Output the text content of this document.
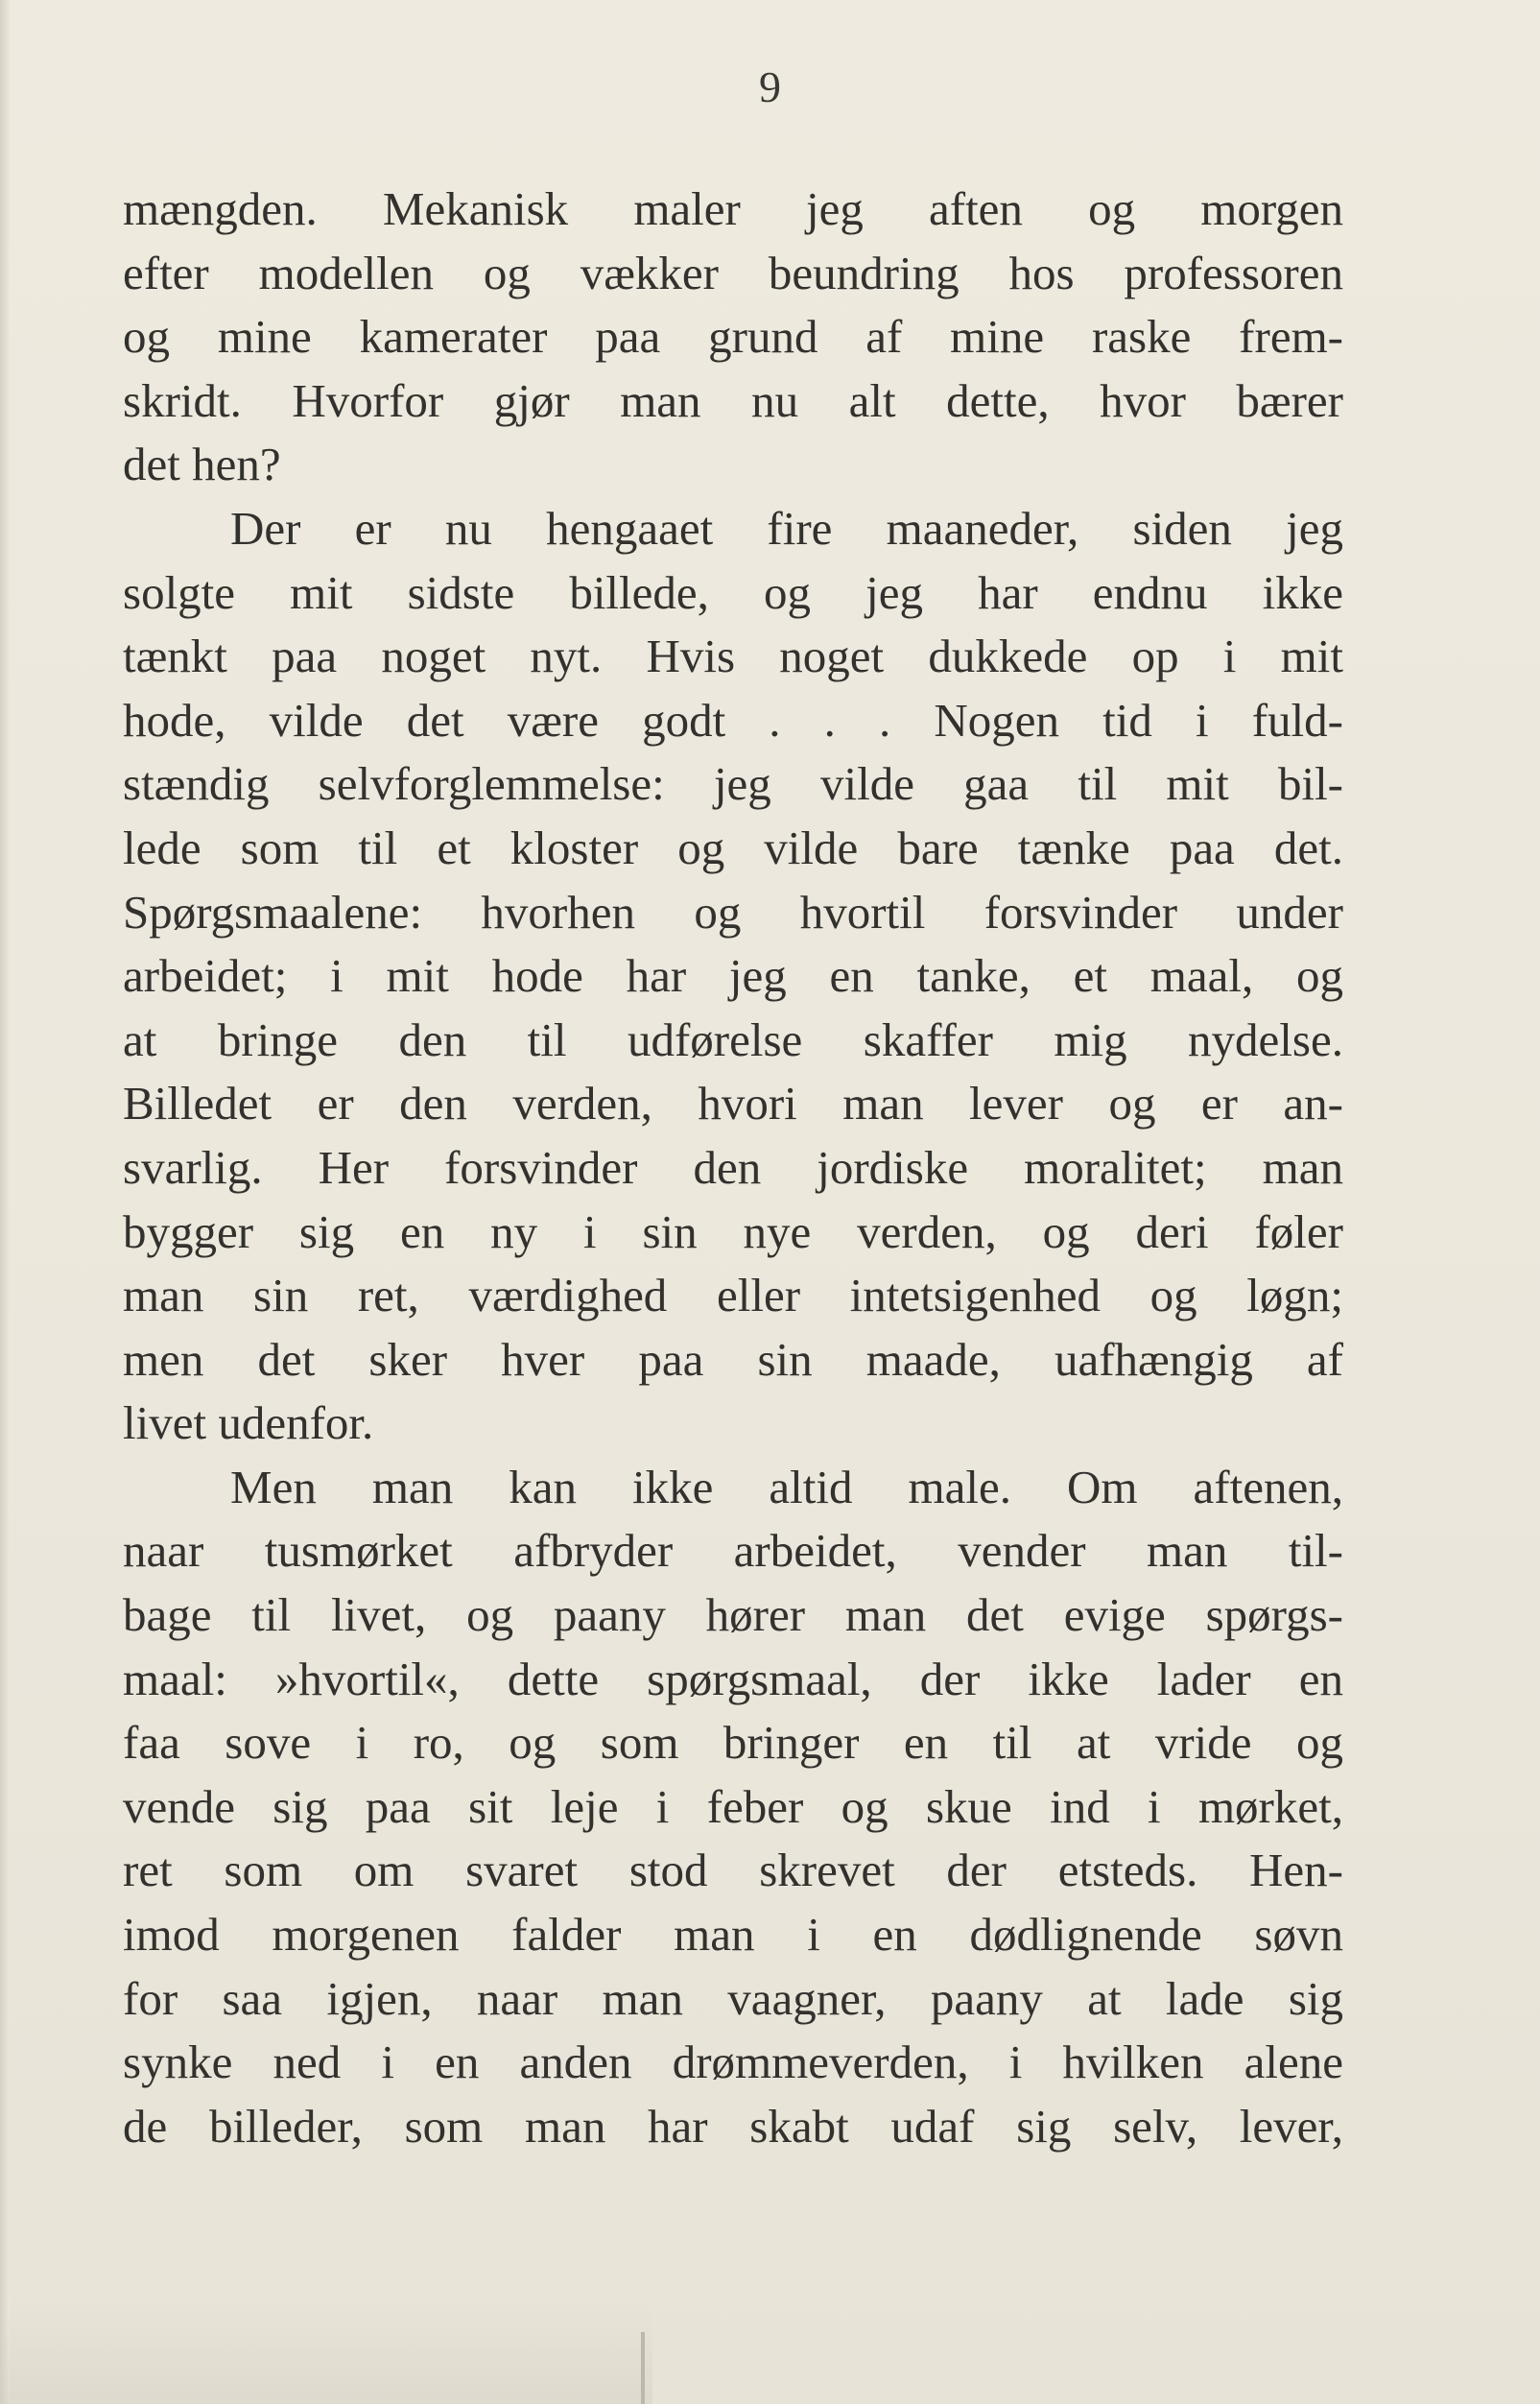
9

mængden. Mekanisk maler jeg aften og morgen
efter modellen og vækker beundring hos professoren
og mine kamerater paa grund af mine raske frem-
skridt. Hvorfor gjør man nu alt dette, hvor bærer
det hen?
Der er nu hengaaet fire maaneder, siden jeg
solgte mit sidste billede, og jeg har endnu ikke
tænkt paa noget nyt. Hvis noget dukkede op i mit
hode, vilde det være godt . . . Nogen tid i fuld-
stændig selvforglemmelse: jeg vilde gaa til mit bil-
lede som til et kloster og vilde bare tænke paa det.
Spørgsmaalene: hvorhen og hvortil forsvinder under
arbeidet; i mit hode har jeg en tanke, et maal, og
at bringe den til udførelse skaffer mig nydelse.
Billedet er den verden, hvori man lever og er an-
svarlig. Her forsvinder den jordiske moralitet; man
bygger sig en ny i sin nye verden, og deri føler
man sin ret, værdighed eller intetsigenhed og løgn;
men det sker hver paa sin maade, uafhængig af
livet udenfor.
Men man kan ikke altid male. Om aftenen,
naar tusmørket afbryder arbeidet, vender man til-
bage til livet, og paany hører man det evige spørgs-
maal: »hvortil«, dette spørgsmaal, der ikke lader en
faa sove i ro, og som bringer en til at vride og
vende sig paa sit leje i feber og skue ind i mørket,
ret som om svaret stod skrevet der etsteds. Hen-
imod morgenen falder man i en dødlignende søvn
for saa igjen, naar man vaagner, paany at lade sig
synke ned i en anden drømmeverden, i hvilken alene
de billeder, som man har skabt udaf sig selv, lever,
